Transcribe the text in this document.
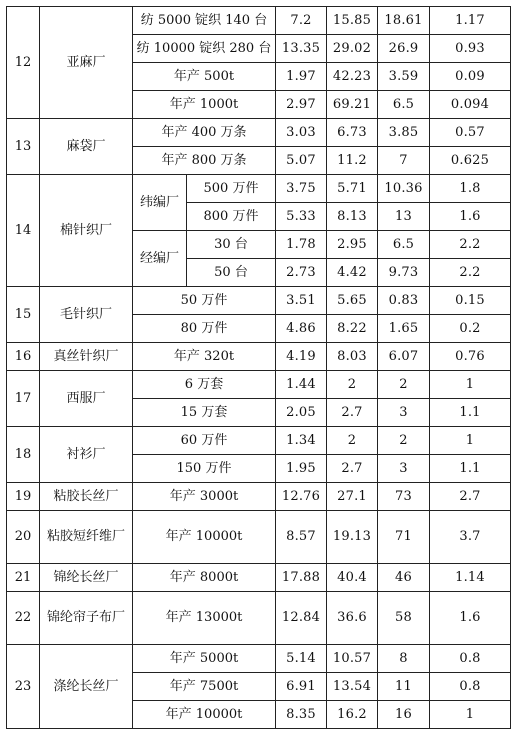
12	亚麻厂	纺 5000 锭织 140 台		7.2	15.85	18.61	1.17
		纺 10000 锭织 280 台		13.35	29.02	26.9	0.93
		年产 500t		1.97	42.23	3.59	0.09
		年产 1000t		2.97	69.21	6.5	0.094
13	麻袋厂	年产 400 万条		3.03	6.73	3.85	0.57
		年产 800 万条		5.07	11.2	7	0.625
14	棉针织厂	纬编厂	500 万件	3.75	5.71	10.36	1.8
			800 万件	5.33	8.13	13	1.6
		经编厂	30 台	1.78	2.95	6.5	2.2
			50 台	2.73	4.42	9.73	2.2
15	毛针织厂	50 万件		3.51	5.65	0.83	0.15
		80 万件		4.86	8.22	1.65	0.2
16	真丝针织厂	年产 320t		4.19	8.03	6.07	0.76
17	西服厂	6 万套		1.44	2	2	1
		15 万套		2.05	2.7	3	1.1
18	衬衫厂	60 万件		1.34	2	2	1
		150 万件		1.95	2.7	3	1.1
19	粘胶长丝厂	年产 3000t		12.76	27.1	73	2.7
20	粘胶短纤维厂	年产 10000t		8.57	19.13	71	3.7
21	锦纶长丝厂	年产 8000t		17.88	40.4	46	1.14
22	锦纶帘子布厂	年产 13000t		12.84	36.6	58	1.6
23	涤纶长丝厂	年产 5000t		5.14	10.57	8	0.8
		年产 7500t		6.91	13.54	11	0.8
		年产 10000t		8.35	16.2	16	1
